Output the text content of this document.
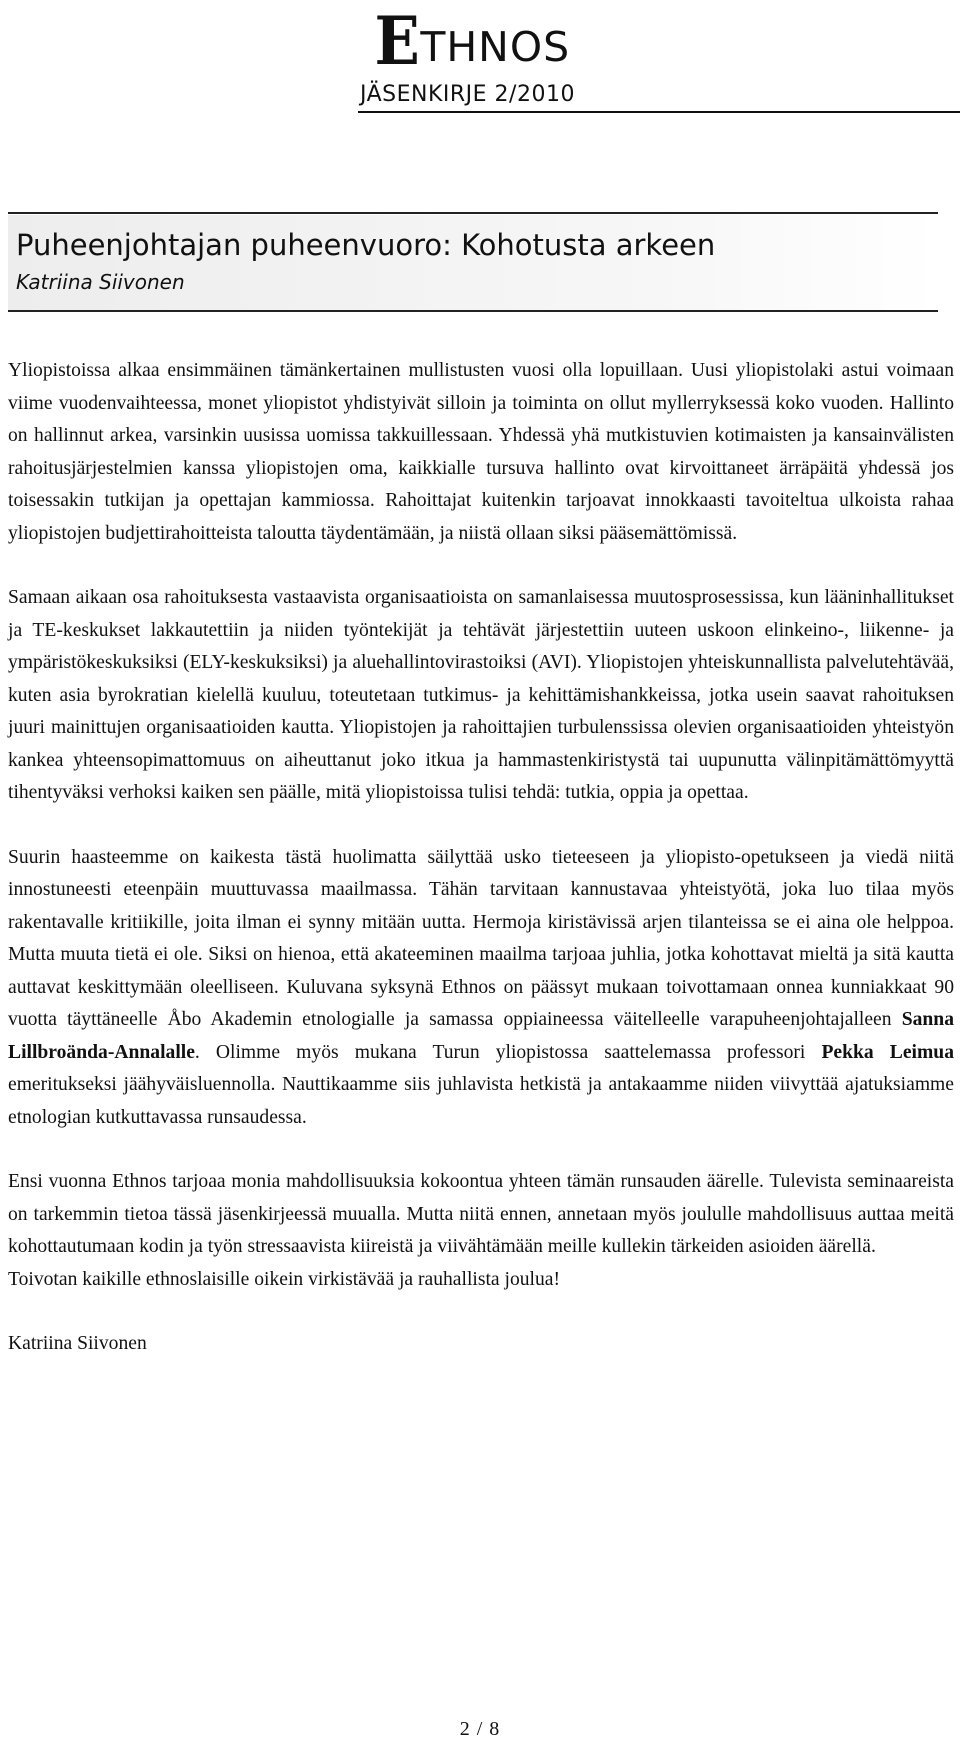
E THNOS
JÄSENKIRJE 2/2010
Puheenjohtajan puheenvuoro: Kohotusta arkeen
Katriina Siivonen

Yliopistoissa alkaa ensimmäinen tämänkertainen mullistusten vuosi olla lopuillaan. Uusi yliopistolaki astui voimaan viime vuodenvaihteessa, monet yliopistot yhdistyivät silloin ja toiminta on ollut myllerryksessä koko vuoden. Hallinto on hallinnut arkea, varsinkin uusissa uomissa takkuillessaan. Yhdessä yhä mutkistuvien kotimaisten ja kansainvälisten rahoitusjärjestelmien kanssa yliopistojen oma, kaikkialle tursuva hallinto ovat kirvoittaneet ärräpäitä yhdessä jos toisessakin tutkijan ja opettajan kammiossa. Rahoittajat kuitenkin tarjoavat innokkaasti tavoiteltua ulkoista rahaa yliopistojen budjettirahoitteista taloutta täydentämään, ja niistä ollaan siksi pääsemättömissä.

Samaan aikaan osa rahoituksesta vastaavista organisaatioista on samanlaisessa muutosprosessissa, kun lääninhallitukset ja TE-keskukset lakkautettiin ja niiden työntekijät ja tehtävät järjestettiin uuteen uskoon elinkeino-, liikenne- ja ympäristökeskuksiksi (ELY-keskuksiksi) ja aluehallintovirastoiksi (AVI). Yliopistojen yhteiskunnallista palvelutehtävää, kuten asia byrokratian kielellä kuuluu, toteutetaan tutkimus- ja kehittämishankkeissa, jotka usein saavat rahoituksen juuri mainittujen organisaatioiden kautta. Yliopistojen ja rahoittajien turbulenssissa olevien organisaatioiden yhteistyön kankea yhteensopimattomuus on aiheuttanut joko itkua ja hammastenkiristystä tai uupunutta välinpitämättömyyttä tihentyväksi verhoksi kaiken sen päälle, mitä yliopistoissa tulisi tehdä: tutkia, oppia ja opettaa.

Suurin haasteemme on kaikesta tästä huolimatta säilyttää usko tieteeseen ja yliopisto-opetukseen ja viedä niitä innostuneesti eteenpäin muuttuvassa maailmassa. Tähän tarvitaan kannustavaa yhteistyötä, joka luo tilaa myös rakentavalle kritiikille, joita ilman ei synny mitään uutta. Hermoja kiristävissä arjen tilanteissa se ei aina ole helppoa. Mutta muuta tietä ei ole. Siksi on hienoa, että akateeminen maailma tarjoaa juhlia, jotka kohottavat mieltä ja sitä kautta auttavat keskittymään oleelliseen. Kuluvana syksynä Ethnos on päässyt mukaan toivottamaan onnea kunniakkaat 90 vuotta täyttäneelle Åbo Akademin etnologialle ja samassa oppiaineessa väitelleelle varapuheenjohtajalleen Sanna Lillbroända-Annalalle. Olimme myös mukana Turun yliopistossa saattelemassa professori Pekka Leimua emeritukseksi jäähyväisluennolla. Nauttikaamme siis juhlavista hetkistä ja antakaamme niiden viivyttää ajatuksiamme etnologian kutkuttavassa runsaudessa.

Ensi vuonna Ethnos tarjoaa monia mahdollisuuksia kokoontua yhteen tämän runsauden äärelle. Tulevista seminaareista on tarkemmin tietoa tässä jäsenkirjeessä muualla. Mutta niitä ennen, annetaan myös joululle mahdollisuus auttaa meitä kohottautumaan kodin ja työn stressaavista kiireistä ja viivähtämään meille kullekin tärkeiden asioiden äärellä.

Toivotan kaikille ethnoslaisille oikein virkistävää ja rauhallista joulua!

Katriina Siivonen

2 / 8
